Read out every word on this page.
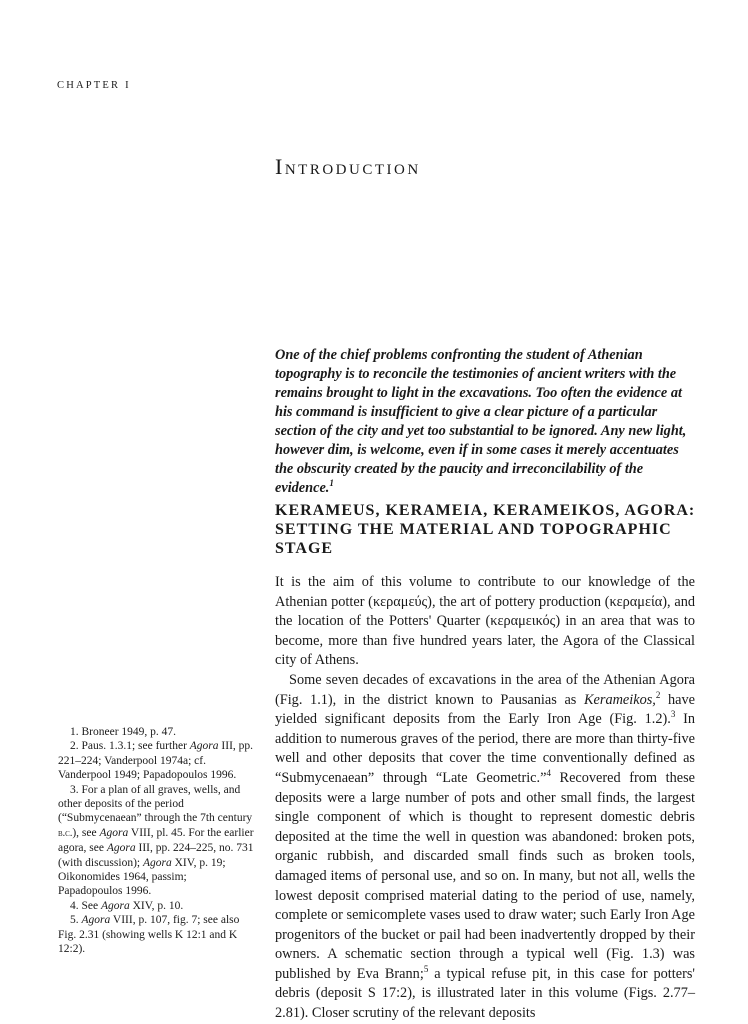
CHAPTER I
Introduction

One of the chief problems confronting the student of Athenian topography is to reconcile the testimonies of ancient writers with the remains brought to light in the excavations. Too often the evidence at his command is insufficient to give a clear picture of a particular section of the city and yet too substantial to be ignored. Any new light, however dim, is welcome, even if in some cases it merely accentuates the obscurity created by the paucity and irreconcilability of the evidence.$^1$

KERAMEUS, KERAMEIA, KERAMEIKOS, AGORA:
SETTING THE MATERIAL AND TOPOGRAPHIC
STAGE

It is the aim of this volume to contribute to our knowledge of the Athenian potter (κεραμεύς), the art of pottery production (κεραμεία), and the location of the Potters' Quarter (κεραμεικός) in an area that was to become, more than five hundred years later, the Agora of the Classical city of Athens.

Some seven decades of excavations in the area of the Athenian Agora (Fig. 1.1), in the district known to Pausanias as Kerameikos,$^2$ have yielded significant deposits from the Early Iron Age (Fig. 1.2).$^3$ In addition to numerous graves of the period, there are more than thirty-five well and other deposits that cover the time conventionally defined as “Submycenaean” through “Late Geometric.”$^4$ Recovered from these deposits were a large number of pots and other small finds, the largest single component of which is thought to represent domestic debris deposited at the time the well in question was abandoned: broken pots, organic rubbish, and discarded small finds such as broken tools, damaged items of personal use, and so on. In many, but not all, wells the lowest deposit comprised material dating to the period of use, namely, complete or semicomplete vases used to draw water; such Early Iron Age progenitors of the bucket or pail had been inadvertently dropped by their owners. A schematic section through a typical well (Fig. 1.3) was published by Eva Brann;$^5$ a typical refuse pit, in this case for potters' debris (deposit S 17:2), is illustrated later in this volume (Figs. 2.77–2.81). Closer scrutiny of the relevant deposits

1. Broneer 1949, p. 47.

2. Paus. 1.3.1; see further Agora III, pp. 221–224; Vanderpool 1974a; cf. Vanderpool 1949; Papadopoulos 1996.

3. For a plan of all graves, wells, and other deposits of the period (“Submycenaean” through the 7th century b.c.), see Agora VIII, pl. 45. For the earlier agora, see Agora III, pp. 224–225, no. 731 (with discussion); Agora XIV, p. 19; Oikonomides 1964, passim; Papadopoulos 1996.

4. See Agora XIV, p. 10.

5. Agora VIII, p. 107, fig. 7; see also Fig. 2.31 (showing wells K 12:1 and K 12:2).
